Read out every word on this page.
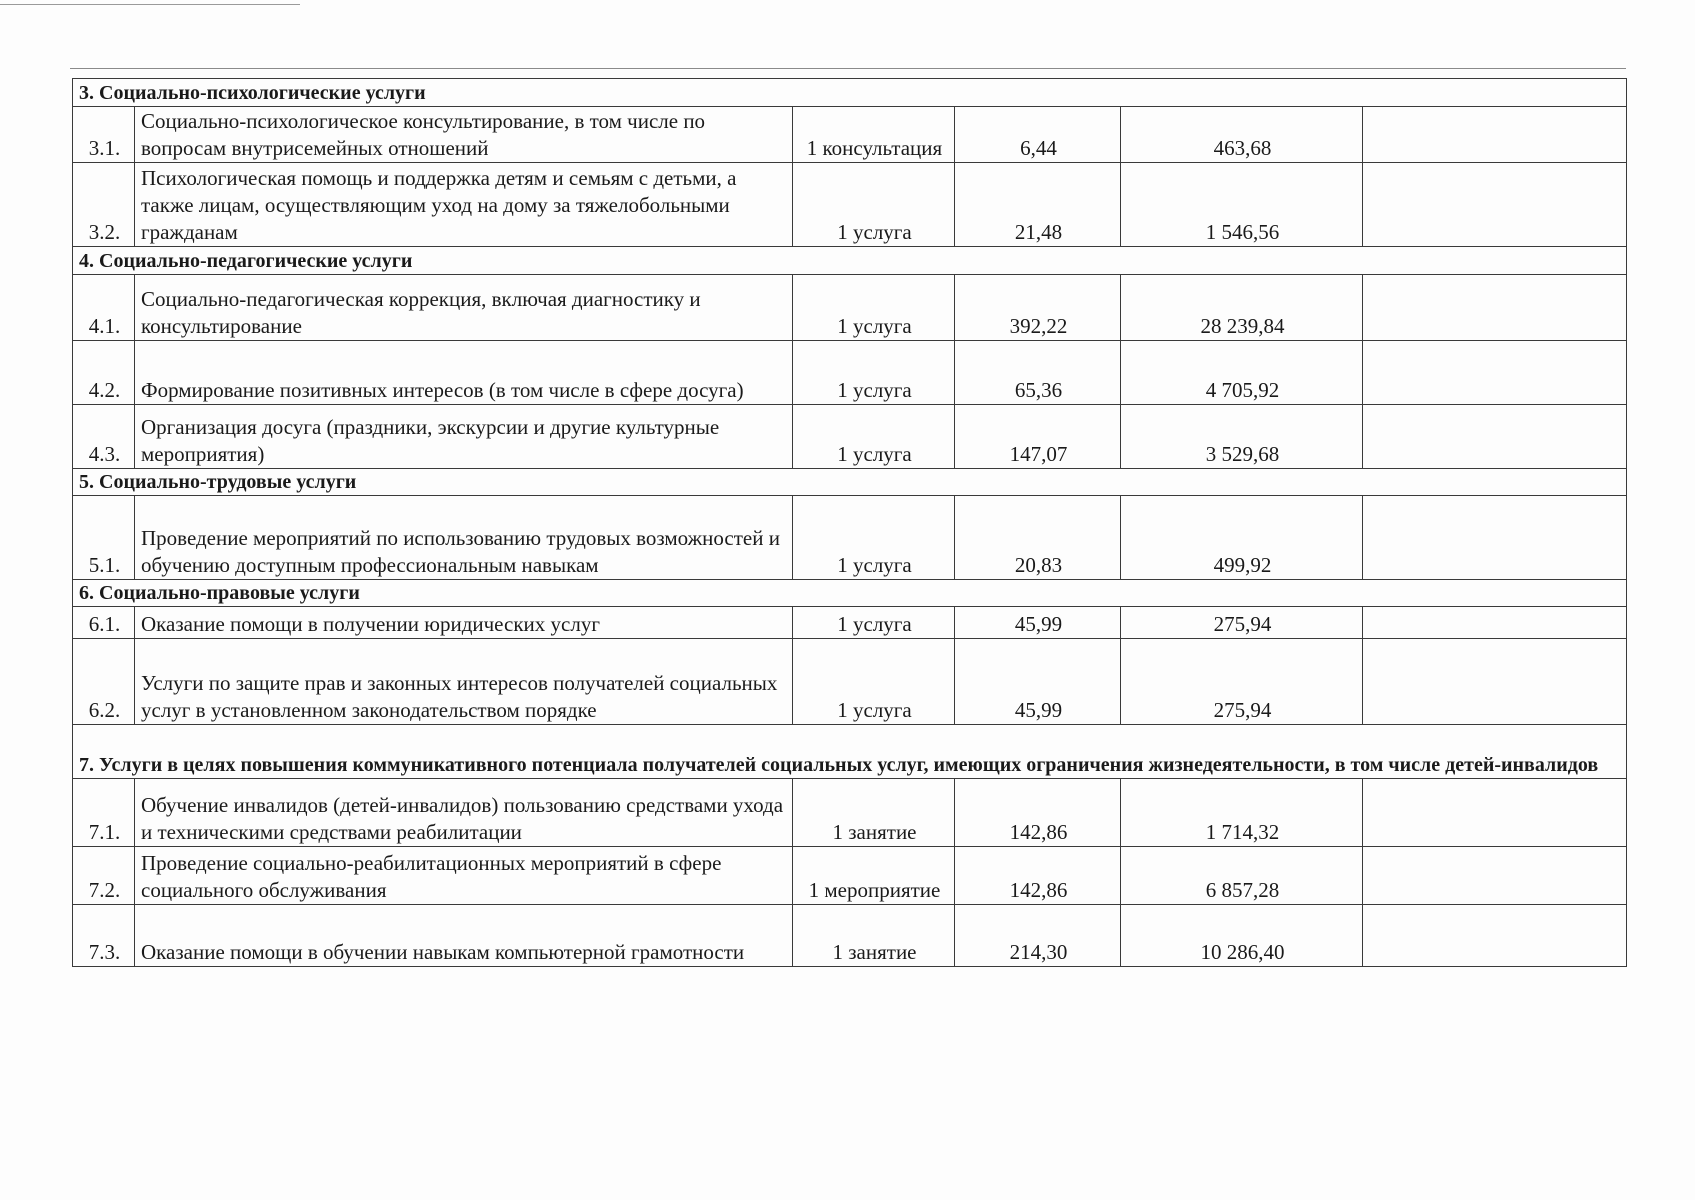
3. Социально-психологические услуги					
3.1.	Социально-психологическое консультирование, в том числе по вопросам внутрисемейных отношений	1 консультация	6,44	463,68	
3.2.	Психологическая помощь и поддержка детям и семьям с детьми, а также лицам, осуществляющим уход на дому за тяжелобольными гражданам	1 услуга	21,48	1 546,56	
4. Социально-педагогические услуги					
4.1.	Социально-педагогическая коррекция, включая диагностику и консультирование	1 услуга	392,22	28 239,84	
4.2.	Формирование позитивных интересов (в том числе в сфере досуга)	1 услуга	65,36	4 705,92	
4.3.	Организация досуга (праздники, экскурсии и другие культурные мероприятия)	1 услуга	147,07	3 529,68	
5. Социально-трудовые услуги					
5.1.	Проведение мероприятий по использованию трудовых возможностей и обучению доступным профессиональным навыкам	1 услуга	20,83	499,92	
6. Социально-правовые услуги					
6.1.	Оказание помощи в получении юридических услуг	1 услуга	45,99	275,94	
6.2.	Услуги по защите прав и законных интересов получателей социальных услуг в установленном законодательством порядке	1 услуга	45,99	275,94	
7. Услуги в целях повышения коммуникативного потенциала получателей социальных услуг, имеющих ограничения жизнедеятельности, в том числе детей-инвалидов					
7.1.	Обучение инвалидов (детей-инвалидов) пользованию средствами ухода и техническими средствами реабилитации	1 занятие	142,86	1 714,32	
7.2.	Проведение социально-реабилитационных мероприятий в сфере социального обслуживания	1 мероприятие	142,86	6 857,28	
7.3.	Оказание помощи в обучении навыкам компьютерной грамотности	1 занятие	214,30	10 286,40	
